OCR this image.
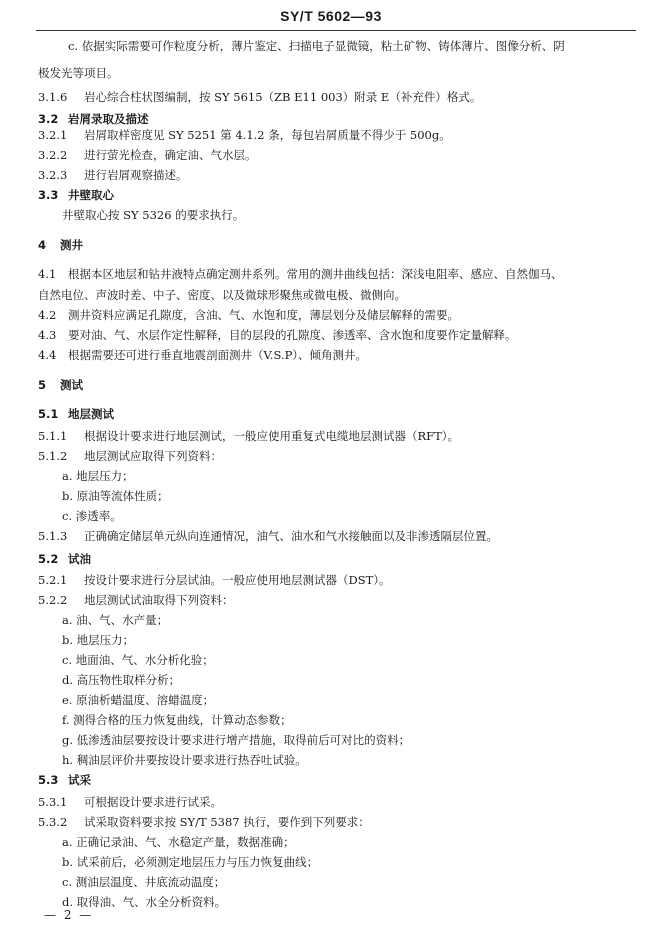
SY/T 5602—93
c. 依据实际需要可作粒度分析，薄片鉴定、扫描电子显微镜，粘土矿物、铸体薄片、图像分析、阴
极发光等项目。
3.1.6 岩心综合柱状图编制，按 SY 5615（ZB E11 003）附录 E（补充件）格式。
3.2 岩屑录取及描述
3.2.1 岩屑取样密度见 SY 5251 第 4.1.2 条，每包岩屑质量不得少于 500g。
3.2.2 进行萤光检查，确定油、气水层。
3.2.3 进行岩屑观察描述。
3.3 井壁取心
井壁取心按 SY 5326 的要求执行。
4 测井
4.1 根据本区地层和钻井液特点确定测井系列。常用的测井曲线包括：深浅电阻率、感应、自然伽马、
自然电位、声波时差、中子、密度、以及微球形聚焦或微电极、微侧向。
4.2 测井资料应满足孔隙度，含油、气、水饱和度，薄层划分及储层解释的需要。
4.3 要对油、气、水层作定性解释，目的层段的孔隙度、渗透率、含水饱和度要作定量解释。
4.4 根据需要还可进行垂直地震剖面测井（V.S.P）、倾角测井。
5 测试
5.1 地层测试
5.1.1 根据设计要求进行地层测试，一般应使用重复式电缆地层测试器（RFT）。
5.1.2 地层测试应取得下列资料：
a. 地层压力；
b. 原油等流体性质；
c. 渗透率。
5.1.3 正确确定储层单元纵向连通情况，油气、油水和气水接触面以及非渗透隔层位置。
5.2 试油
5.2.1 按设计要求进行分层试油。一般应使用地层测试器（DST）。
5.2.2 地层测试试油取得下列资料：
a. 油、气、水产量；
b. 地层压力；
c. 地面油、气、水分析化验；
d. 高压物性取样分析；
e. 原油析蜡温度、溶蜡温度；
f. 测得合格的压力恢复曲线，计算动态参数；
g. 低渗透油层要按设计要求进行增产措施，取得前后可对比的资料；
h. 稠油层评价井要按设计要求进行热吞吐试验。
5.3 试采
5.3.1 可根据设计要求进行试采。
5.3.2 试采取资料要求按 SY/T 5387 执行，要作到下列要求：
a. 正确记录油、气、水稳定产量，数据准确；
b. 试采前后，必须测定地层压力与压力恢复曲线；
c. 测油层温度、井底流动温度；
d. 取得油、气、水全分析资料。
— 2 —
